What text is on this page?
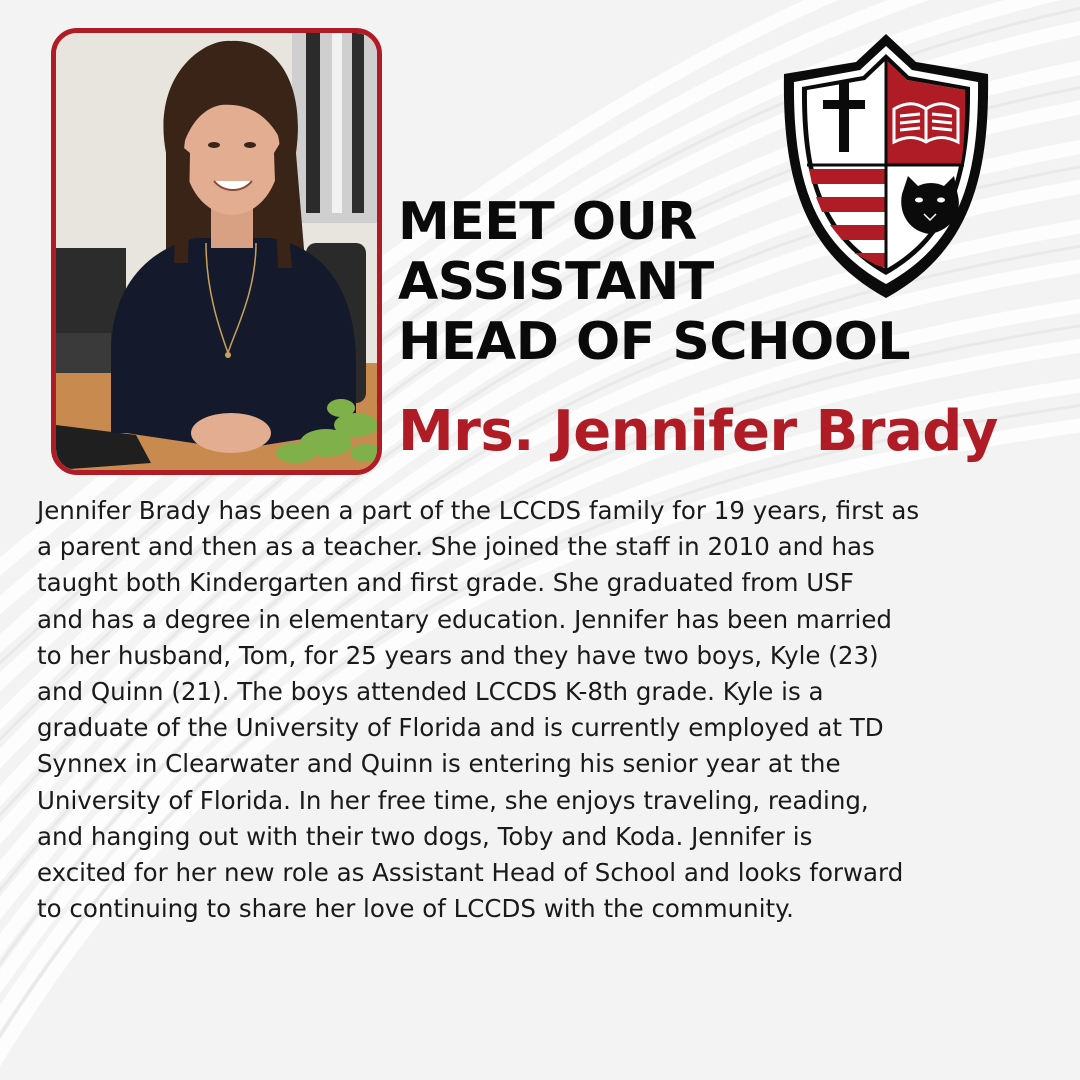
MEET OUR
ASSISTANT
HEAD OF SCHOOL
Mrs. Jennifer Brady

Jennifer Brady has been a part of the LCCDS family for 19 years, first as
a parent and then as a teacher. She joined the staff in 2010 and has
taught both Kindergarten and first grade. She graduated from USF
and has a degree in elementary education. Jennifer has been married
to her husband, Tom, for 25 years and they have two boys, Kyle (23)
and Quinn (21). The boys attended LCCDS K-8th grade. Kyle is a
graduate of the University of Florida and is currently employed at TD
Synnex in Clearwater and Quinn is entering his senior year at the
University of Florida. In her free time, she enjoys traveling, reading,
and hanging out with their two dogs, Toby and Koda. Jennifer is
excited for her new role as Assistant Head of School and looks forward
to continuing to share her love of LCCDS with the community.
